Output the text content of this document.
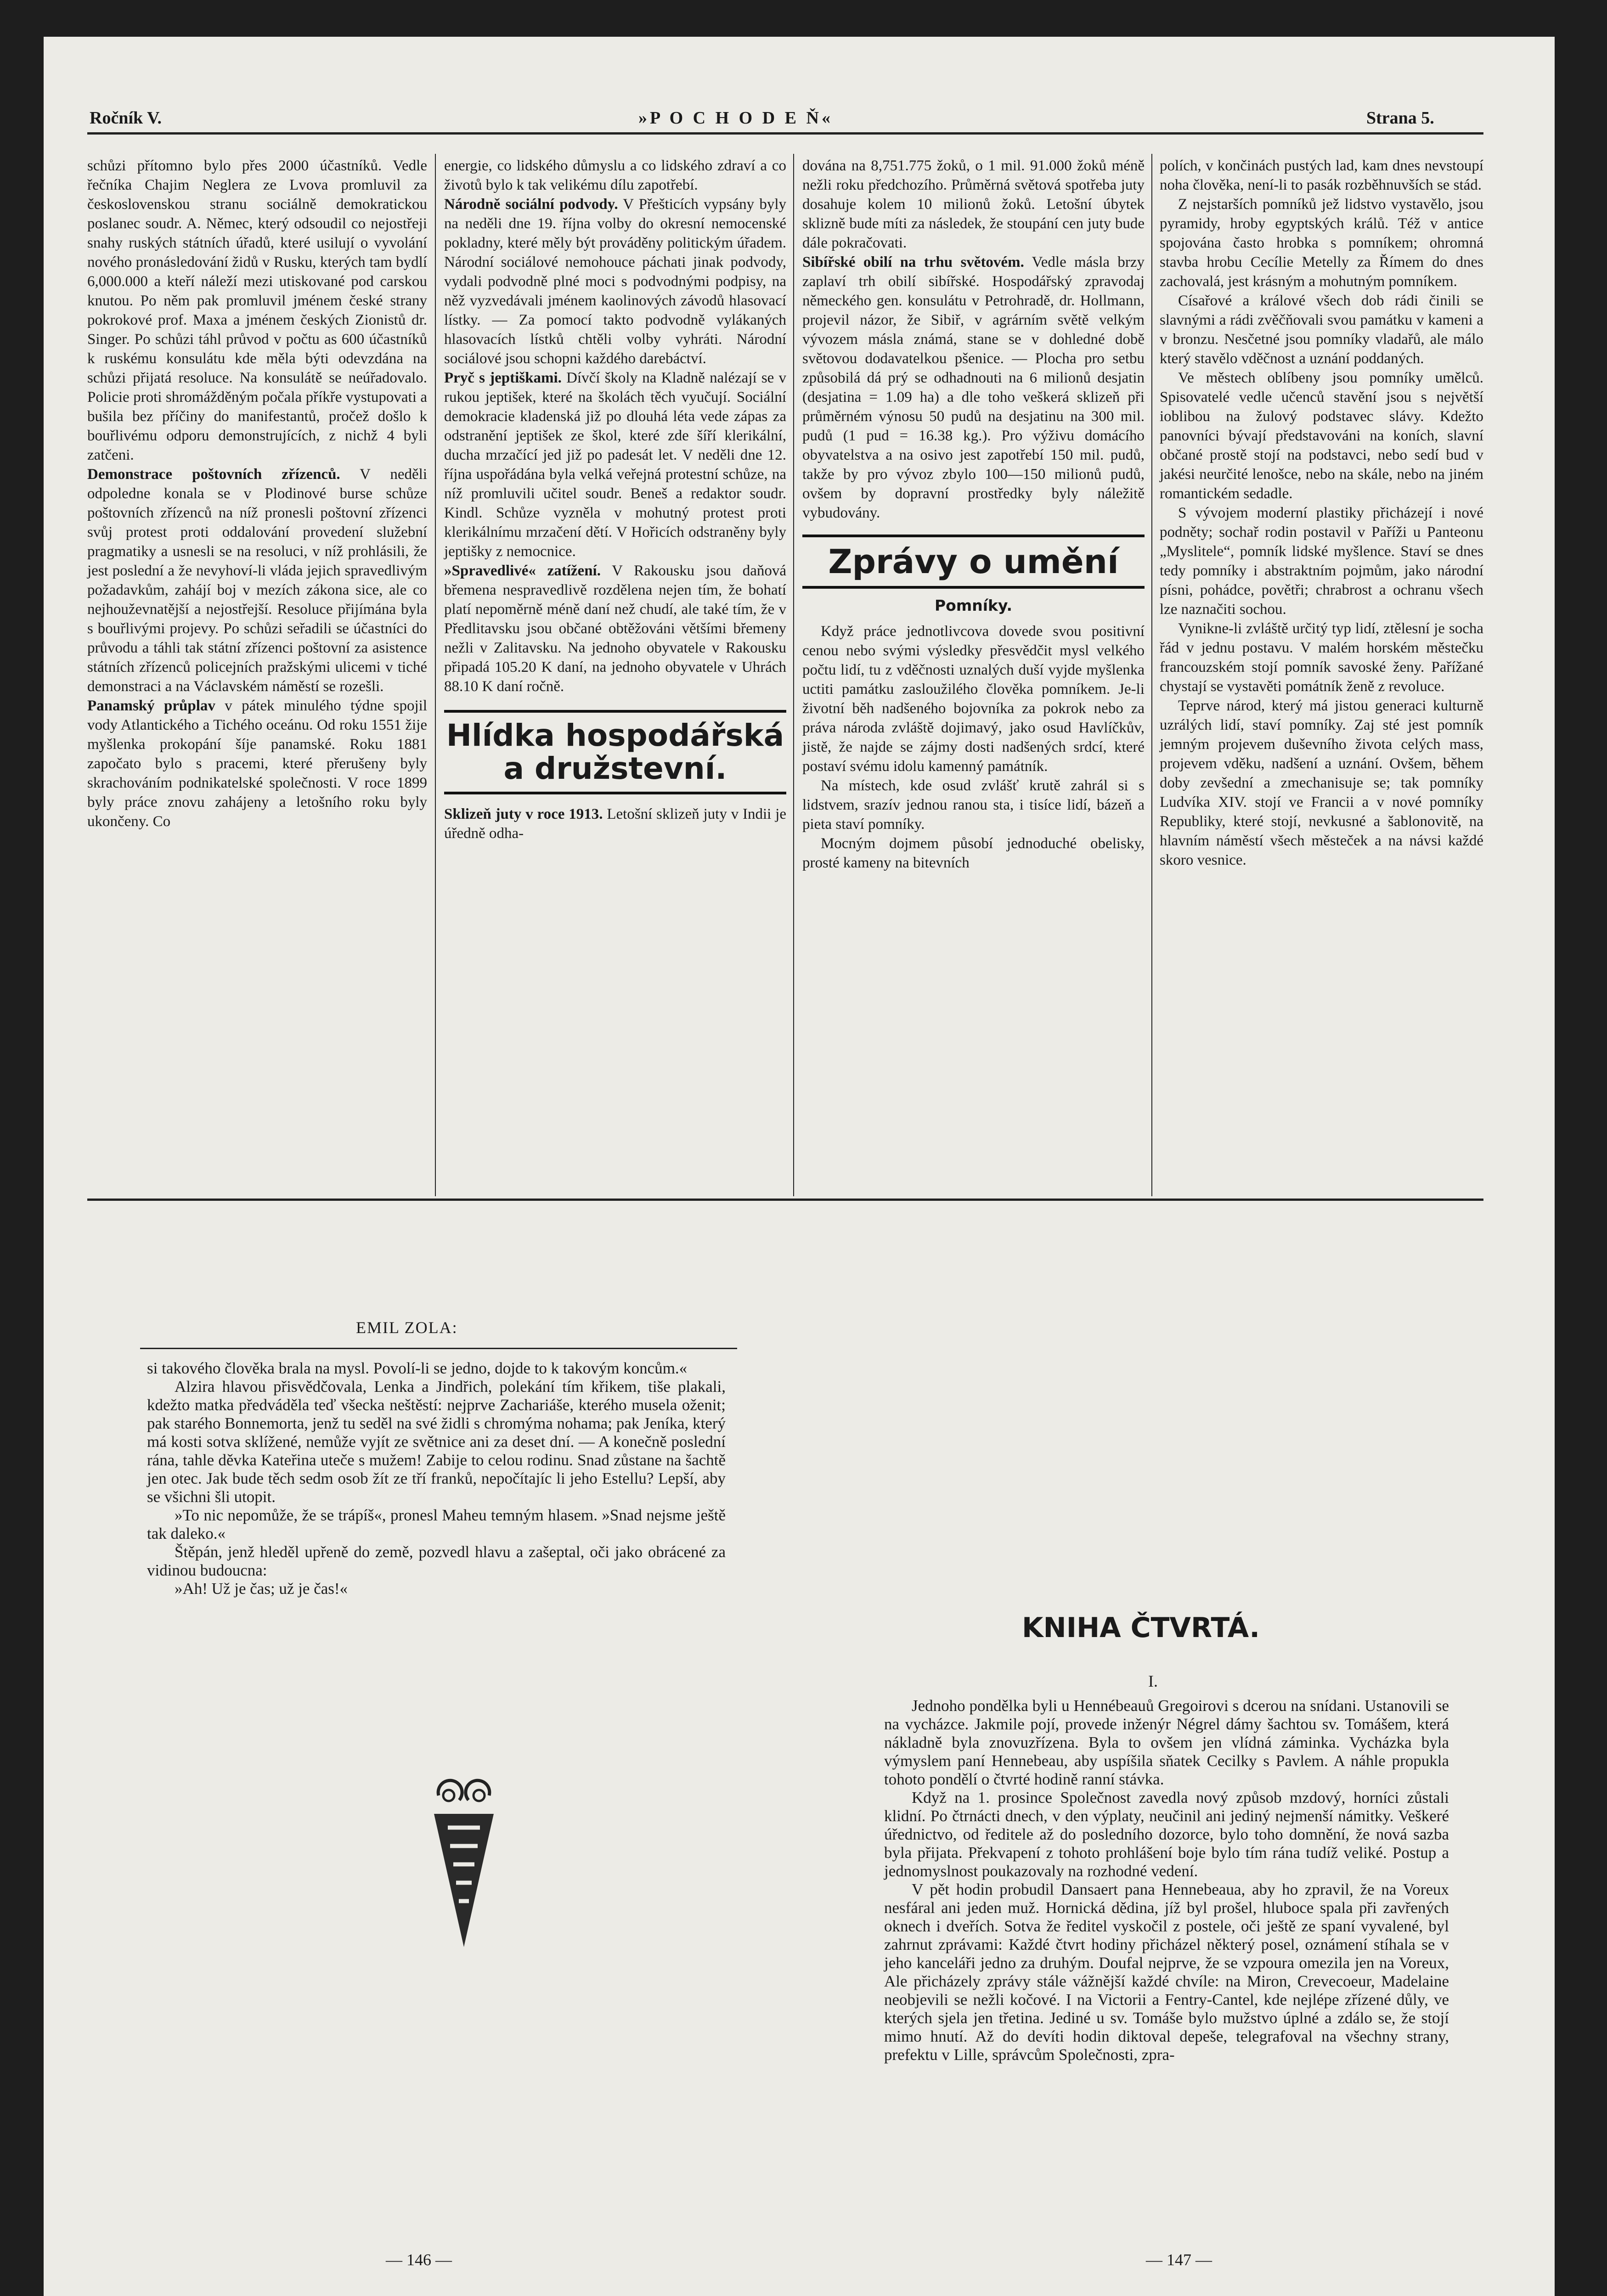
Ročník V.	»P O C H O D E Ň«	Strana 5.

schůzi přítomno bylo přes 2000 účastníků. Vedle řečníka Chajim Neglera ze Lvova promluvil za československou stranu sociálně demokratickou poslanec soudr. A. Němec, který odsoudil co nejostřeji snahy ruských státních úřadů, které usilují o vyvolání nového pronásledování židů v Rusku, kterých tam bydlí 6,000.000 a kteří náleží mezi utiskované pod carskou knutou. Po něm pak promluvil jménem české strany pokrokové prof. Maxa a jménem českých Zionistů dr. Singer. Po schůzi táhl průvod v počtu as 600 účastníků k ruskému konsulátu kde měla býti odevzdána na schůzi přijatá resoluce. Na konsulátě se neúřadovalo. Policie proti shromážděným počala příkře vystupovati a bušila bez příčiny do manifestantů, pročež došlo k bouřlivému odporu demonstrujících, z nichž 4 byli zatčeni.

Demonstrace poštovních zřízenců. V neděli odpoledne konala se v Plodinové burse schůze poštovních zřízenců na níž pronesli poštovní zřízenci svůj protest proti oddalování provedení služební pragmatiky a usnesli se na resoluci, v níž prohlásili, že jest poslední a že nevyhoví-li vláda jejich spravedlivým požadavkům, zahájí boj v mezích zákona sice, ale co nejhouževnatější a nejostřejší. Resoluce přijímána byla s bouřlivými projevy. Po schůzi seřadili se účastníci do průvodu a táhli tak státní zřízenci poštovní za asistence státních zřízenců policejních pražskými ulicemi v tiché demonstraci a na Václavském náměstí se rozešli.

Panamský průplav v pátek minulého týdne spojil vody Atlantického a Tichého oceánu. Od roku 1551 žije myšlenka prokopání šíje panamské. Roku 1881 započato bylo s pracemi, které přerušeny byly skrachováním podnikatelské společnosti. V roce 1899 byly práce znovu zahájeny a letošního roku byly ukončeny. Co

energie, co lidského důmyslu a co lidského zdraví a co životů bylo k tak velikému dílu zapotřebí.

Národně sociální podvody. V Přešticích vypsány byly na neděli dne 19. října volby do okresní nemocenské pokladny, které měly být prováděny politickým úřadem. Národní sociálové nemohouce páchati jinak podvody, vydali podvodně plné moci s podvodnými podpisy, na něž vyzvedávali jménem kaolinových závodů hlasovací lístky. — Za pomocí takto podvodně vylákaných hlasovacích lístků chtěli volby vyhráti. Národní sociálové jsou schopni každého darebáctví.

Pryč s jeptiškami. Dívčí školy na Kladně nalézají se v rukou jeptišek, které na školách těch vyučují. Sociální demokracie kladenská již po dlouhá léta vede zápas za odstranění jeptišek ze škol, které zde šíří klerikální, ducha mrzačící jed již po padesát let. V neděli dne 12. října uspořádána byla velká veřejná protestní schůze, na níž promluvili učitel soudr. Beneš a redaktor soudr. Kindl. Schůze vyzněla v mohutný protest proti klerikálnímu mrzačení dětí. V Hořicích odstraněny byly jeptišky z nemocnice.

»Spravedlivé« zatížení. V Rakousku jsou daňová břemena nespravedlivě rozdělena nejen tím, že bohatí platí nepoměrně méně daní než chudí, ale také tím, že v Předlitavsku jsou občané obtěžováni většími břemeny nežli v Zalitavsku. Na jednoho obyvatele v Rakousku připadá 105.20 K daní, na jednoho obyvatele v Uhrách 88.10 K daní ročně.

Hlídka hospodářská a družstevní.

Sklizeň juty v roce 1913. Letošní sklizeň juty v Indii je úředně odha-

dována na 8,751.775 žoků, o 1 mil. 91.000 žoků méně nežli roku předchozího. Průměrná světová spotřeba juty dosahuje kolem 10 milionů žoků. Letošní úbytek sklizně bude míti za následek, že stoupání cen juty bude dále pokračovati.

Sibířské obilí na trhu světovém. Vedle másla brzy zaplaví trh obilí sibířské. Hospodářský zpravodaj německého gen. konsulátu v Petrohradě, dr. Hollmann, projevil názor, že Sibiř, v agrárním světě velkým vývozem másla známá, stane se v dohledné době světovou dodavatelkou pšenice. — Plocha pro setbu způsobilá dá prý se odhadnouti na 6 milionů desjatin (desjatina = 1.09 ha) a dle toho veškerá sklizeň při průměrném výnosu 50 pudů na desjatinu na 300 mil. pudů (1 pud = 16.38 kg.). Pro výživu domácího obyvatelstva a na osivo jest zapotřebí 150 mil. pudů, takže by pro vývoz zbylo 100—150 milionů pudů, ovšem by dopravní prostředky byly náležitě vybudovány.

Zprávy o umění
Pomníky.

Když práce jednotlivcova dovede svou positivní cenou nebo svými výsledky přesvědčit mysl velkého počtu lidí, tu z vděčnosti uznalých duší vyjde myšlenka uctiti památku zasloužilého člověka pomníkem. Je-li životní běh nadšeného bojovníka za pokrok nebo za práva národa zvláště dojimavý, jako osud Havlíčkův, jistě, že najde se zájmy dosti nadšených srdcí, které postaví svému idolu kamenný památník.

Na místech, kde osud zvlášť krutě zahrál si s lidstvem, srazív jednou ranou sta, i tisíce lidí, bázeň a pieta staví pomníky.

Mocným dojmem působí jednoduché obelisky, prosté kameny na bitevních

polích, v končinách pustých lad, kam dnes nevstoupí noha člověka, není-li to pasák rozběhnuvších se stád.

Z nejstarších pomníků jež lidstvo vystavělo, jsou pyramidy, hroby egyptských králů. Též v antice spojována často hrobka s pomníkem; ohromná stavba hrobu Cecílie Metelly za Římem do dnes zachovalá, jest krásným a mohutným pomníkem.

Císařové a králové všech dob rádi činili se slavnými a rádi zvěčňovali svou památku v kameni a v bronzu. Nesčetné jsou pomníky vladařů, ale málo který stavělo vděčnost a uznání poddaných.

Ve městech oblíbeny jsou pomníky umělců. Spisovatelé vedle učenců stavění jsou s největší ioblibou na žulový podstavec slávy. Kdežto panovníci bývají představováni na koních, slavní občané prostě stojí na podstavci, nebo sedí bud v jakési neurčité lenošce, nebo na skále, nebo na jiném romantickém sedadle.

S vývojem moderní plastiky přicházejí i nové podněty; sochař rodin postavil v Paříži u Panteonu „Myslitele“, pomník lidské myšlence. Staví se dnes tedy pomníky i abstraktním pojmům, jako národní písni, pohádce, povětři; chrabrost a ochranu všech lze naznačiti sochou.

Vynikne-li zvláště určitý typ lidí, ztělesní je socha řád v jednu postavu. V malém horském městečku francouzském stojí pomník savoské ženy. Pařížané chystají se vystavěti pomátník ženě z revoluce.

Teprve národ, který má jistou generaci kulturně uzrálých lidí, staví pomníky. Zaj sté jest pomník jemným projevem duševního života celých mass, projevem vděku, nadšení a uznání. Ovšem, během doby zevšední a zmechanisuje se; tak pomníky Ludvíka XIV. stojí ve Francii a v nové pomníky Republiky, které stojí, nevkusné a šablonovitě, na hlavním náměstí všech městeček a na návsi každé skoro vesnice.

EMIL ZOLA:

si takového člověka brala na mysl. Povolí-li se jedno, dojde to k takovým koncům.«

Alzira hlavou přisvědčovala, Lenka a Jindřich, polekání tím křikem, tiše plakali, kdežto matka předváděla teď všecka neštěstí: nejprve Zachariáše, kterého musela oženit; pak starého Bonnemorta, jenž tu seděl na své židli s chromýma nohama; pak Jeníka, který má kosti sotva sklížené, nemůže vyjít ze světnice ani za deset dní. — A konečně poslední rána, tahle děvka Kateřina uteče s mužem! Zabije to celou rodinu. Snad zůstane na šachtě jen otec. Jak bude těch sedm osob žít ze tří franků, nepočítajíc li jeho Estellu? Lepší, aby se všichni šli utopit.

»To nic nepomůže, že se trápíš«, pronesl Maheu temným hlasem. »Snad nejsme ještě tak daleko.«

Štěpán, jenž hleděl upřeně do země, pozvedl hlavu a zašeptal, oči jako obrácené za vidinou budoucna:

»Ah! Už je čas; už je čas!«

— 146 —
KNIHA ČTVRTÁ.
I.

Jednoho pondělka byli u Hennébeauů Gregoirovi s dcerou na snídani. Ustanovili se na vycházce. Jakmile pojí, provede inženýr Négrel dámy šachtou sv. Tomášem, která nákladně byla znovuzřízena. Byla to ovšem jen vlídná záminka. Vycházka byla výmyslem paní Hennebeau, aby uspíšila sňatek Cecilky s Pavlem. A náhle propukla tohoto pondělí o čtvrté hodině ranní stávka.

Když na 1. prosince Společnost zavedla nový způsob mzdový, horníci zůstali klidní. Po čtrnácti dnech, v den výplaty, neučinil ani jediný nejmenší námitky. Veškeré úřednictvo, od ředitele až do posledního dozorce, bylo toho domnění, že nová sazba byla přijata. Překvapení z tohoto prohlášení boje bylo tím rána tudíž veliké. Postup a jednomyslnost poukazovaly na rozhodné vedení.

V pět hodin probudil Dansaert pana Hennebeaua, aby ho zpravil, že na Voreux nesfáral ani jeden muž. Hornická dědina, jíž byl prošel, hluboce spala při zavřených oknech i dveřích. Sotva že ředitel vyskočil z postele, oči ještě ze spaní vyvalené, byl zahrnut zprávami: Každé čtvrt hodiny přicházel některý posel, oznámení stíhala se v jeho kanceláři jedno za druhým. Doufal nejprve, že se vzpoura omezila jen na Voreux, Ale přicházely zprávy stále vážnější každé chvíle: na Miron, Crevecoeur, Madelaine neobjevili se nežli kočové. I na Victorii a Fentry-Cantel, kde nejlépe zřízené důly, ve kterých sjela jen třetina. Jediné u sv. Tomáše bylo mužstvo úplné a zdálo se, že stojí mimo hnutí. Až do devíti hodin diktoval depeše, telegrafoval na všechny strany, prefektu v Lille, správcům Společnosti, zpra-

— 147 —
